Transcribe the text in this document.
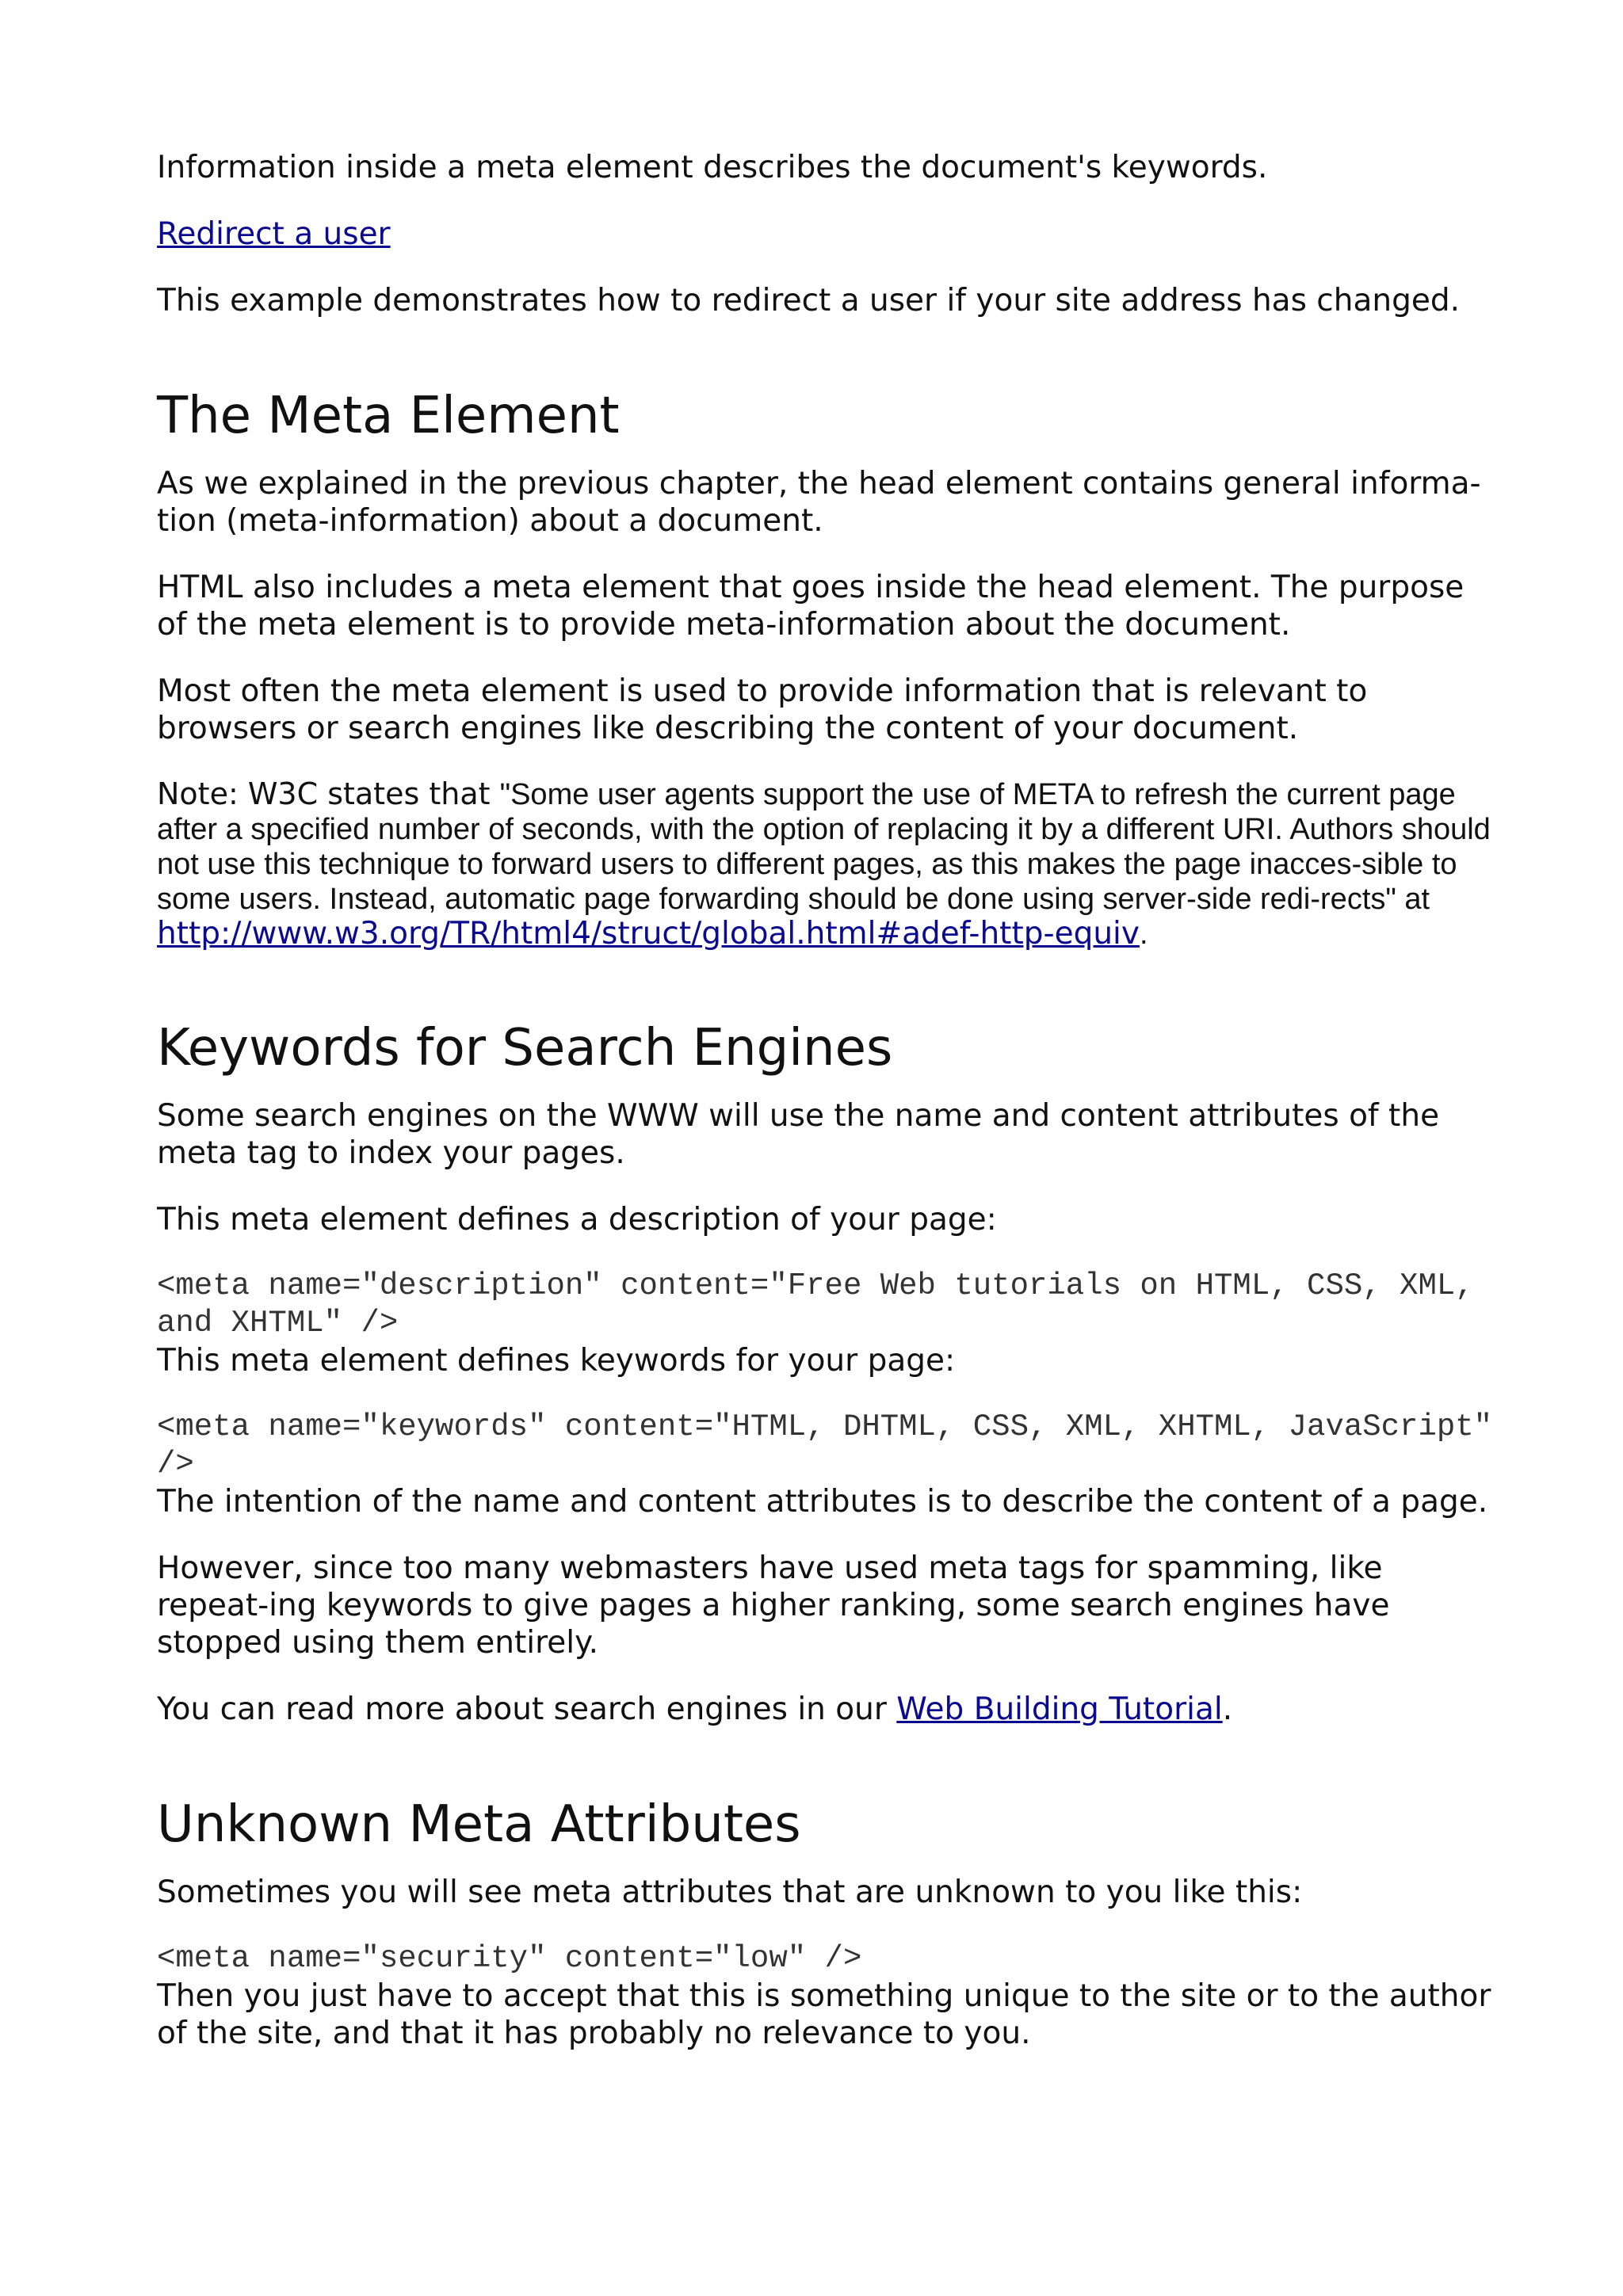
Information inside a meta element describes the document's keywords.

Redirect a user

This example demonstrates how to redirect a user if your site address has changed.

The Meta Element

As we explained in the previous chapter, the head element contains general informa-tion (meta-information) about a document.

HTML also includes a meta element that goes inside the head element. The purpose of the meta element is to provide meta-information about the document.

Most often the meta element is used to provide information that is relevant to browsers or search engines like describing the content of your document.

Note: W3C states that "Some user agents support the use of META to refresh the current page after a specified number of seconds, with the option of replacing it by a different URI. Authors should not use this technique to forward users to different pages, as this makes the page inacces-sible to some users. Instead, automatic page forwarding should be done using server-side redi-rects" at http://www.w3.org/TR/html4/struct/global.html#adef-http-equiv.

Keywords for Search Engines

Some search engines on the WWW will use the name and content attributes of the meta tag to index your pages.

This meta element defines a description of your page:

<meta name="description" content="Free Web tutorials on HTML, CSS, XML, and XHTML" />

This meta element defines keywords for your page:

<meta name="keywords" content="HTML, DHTML, CSS, XML, XHTML, JavaScript" />

The intention of the name and content attributes is to describe the content of a page.

However, since too many webmasters have used meta tags for spamming, like repeat-ing keywords to give pages a higher ranking, some search engines have stopped using them entirely.

You can read more about search engines in our Web Building Tutorial.

Unknown Meta Attributes

Sometimes you will see meta attributes that are unknown to you like this:

<meta name="security" content="low" />

Then you just have to accept that this is something unique to the site or to the author of the site, and that it has probably no relevance to you.
